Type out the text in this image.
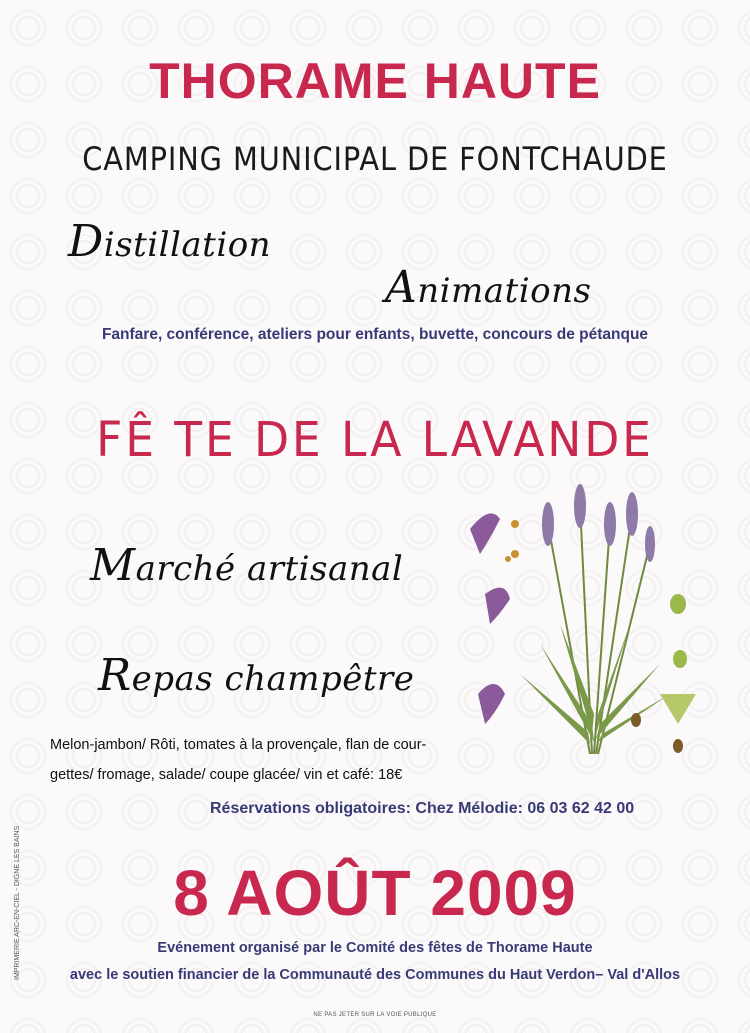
THORAME HAUTE
CAMPING MUNICIPAL DE FONTCHAUDE
Distillation
Animations
Fanfare, conférence, ateliers pour enfants, buvette, concours de pétanque
FÊ TE DE LA LAVANDE
Marché artisanal
Repas champêtre
Melon-jambon/ Rôti, tomates à la provençale, flan de cour-
gettes/ fromage, salade/ coupe glacée/ vin et café: 18€
Réservations obligatoires: Chez Mélodie: 06 03 62 42 00
8 AOÛT 2009
Evénement organisé par le Comité des fêtes de Thorame Haute
avec le soutien financier de la Communauté des Communes du Haut Verdon– Val d'Allos
NE PAS JETER SUR LA VOIE PUBLIQUE
IMPRIMERIE ARC-EN-CIEL - DIGNE LES BAINS
